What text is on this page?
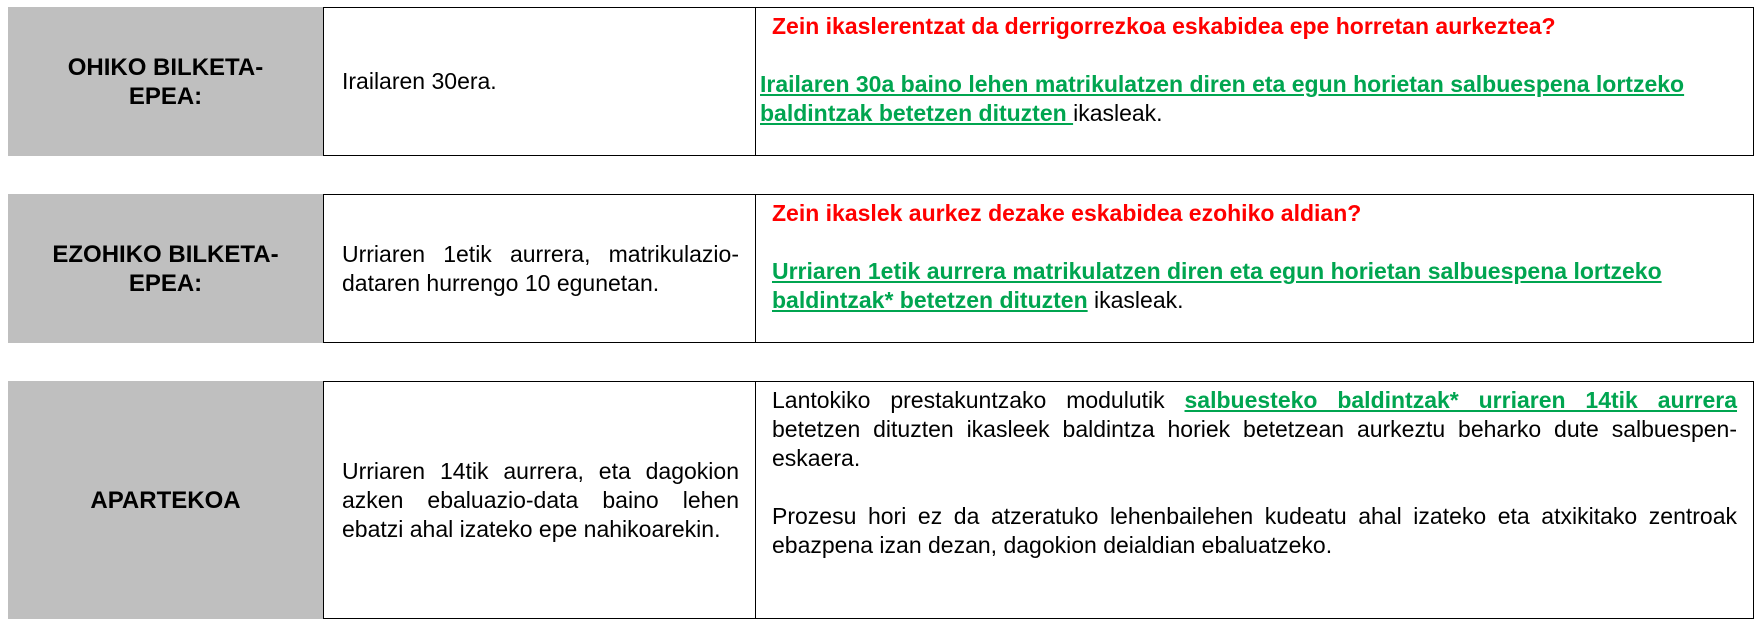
OHIKO BILKETA-
EPEA:
Irailaren 30era.

Zein ikaslerentzat da derrigorrezkoa eskabidea epe horretan aurkeztea?

Irailaren 30a baino lehen matrikulatzen diren eta egun horietan salbuespena lortzeko baldintzak betetzen dituzten ikasleak.

EZOHIKO BILKETA-
EPEA:
Urriaren 1etik aurrera, matrikulazio-dataren hurrengo 10 egunetan.

Zein ikaslek aurkez dezake eskabidea ezohiko aldian?

Urriaren 1etik aurrera matrikulatzen diren eta egun horietan salbuespena lortzeko baldintzak* betetzen dituzten ikasleak.

APARTEKOA
Urriaren 14tik aurrera, eta dagokion azken ebaluazio-data baino lehen ebatzi ahal izateko epe nahikoarekin.

Lantokiko prestakuntzako modulutik salbuesteko baldintzak* urriaren 14tik aurrera betetzen dituzten ikasleek baldintza horiek betetzean aurkeztu beharko dute salbuespen-eskaera.

Prozesu hori ez da atzeratuko lehenbailehen kudeatu ahal izateko eta atxikitako zentroak ebazpena izan dezan, dagokion deialdian ebaluatzeko.
